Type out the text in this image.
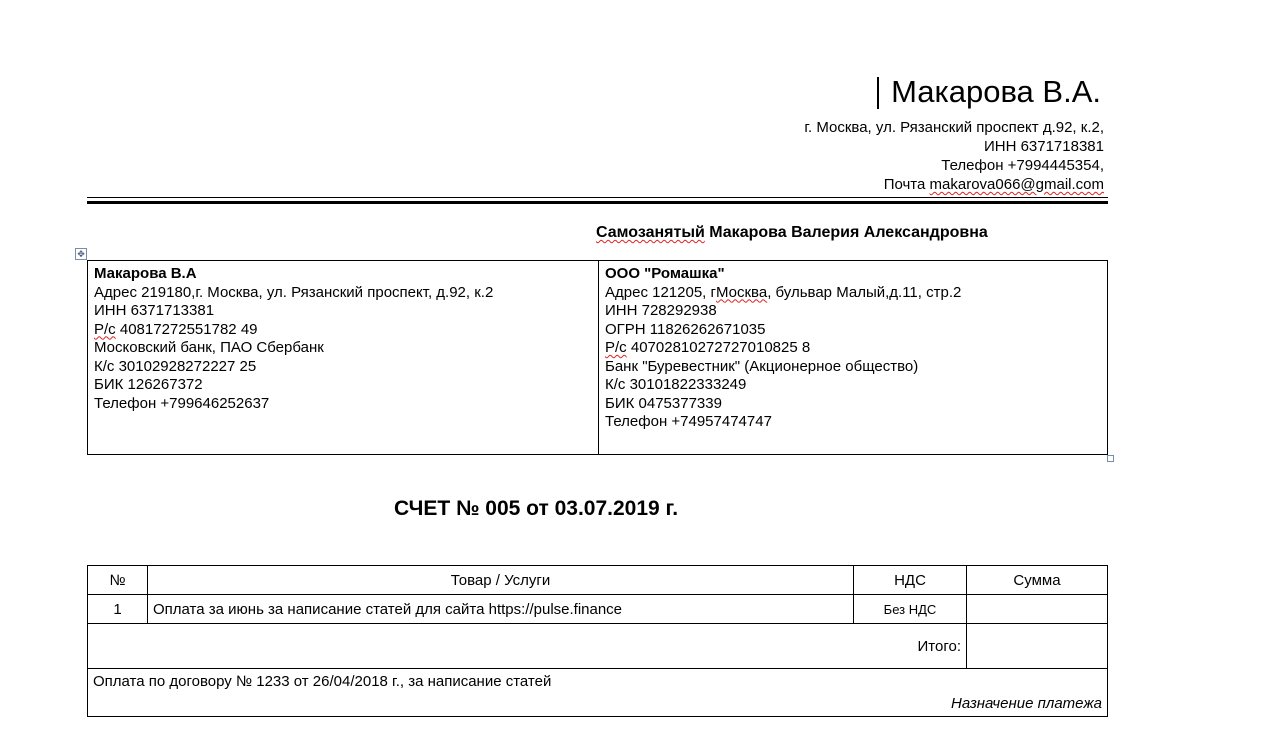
Макарова В.А.
г. Москва, ул. Рязанский проспект д.92, к.2,
ИНН 6371718381
Телефон +7994445354,
Почта makarova066@gmail.com
Самозанятый Макарова Валерия Александровна
✥
Макарова В.А
Адрес 219180,г. Москва, ул. Рязанский проспект, д.92, к.2
ИНН 6371713381
Р/с 40817272551782 49
Московский банк, ПАО Сбербанк
К/с 30102928272227 25
БИК 126267372
Телефон +799646252637
ООО "Ромашка"
Адрес 121205, гМосква, бульвар Малый,д.11, стр.2
ИНН 728292938
ОГРН 11826262671035
Р/с 40702810272727010825 8
Банк "Буревестник" (Акционерное общество)
К/с 30101822333249
БИК 0475377339
Телефон +74957474747
СЧЕТ № 005 от 03.07.2019 г.
№	Товар / Услуги	НДС	Сумма
1	Оплата за июнь за написание статей для сайта https://pulse.finance	Без НДС	
Итого:			
Оплата по договору № 1233 от 26/04/2018 г., за написание статей
Назначение платежа			
